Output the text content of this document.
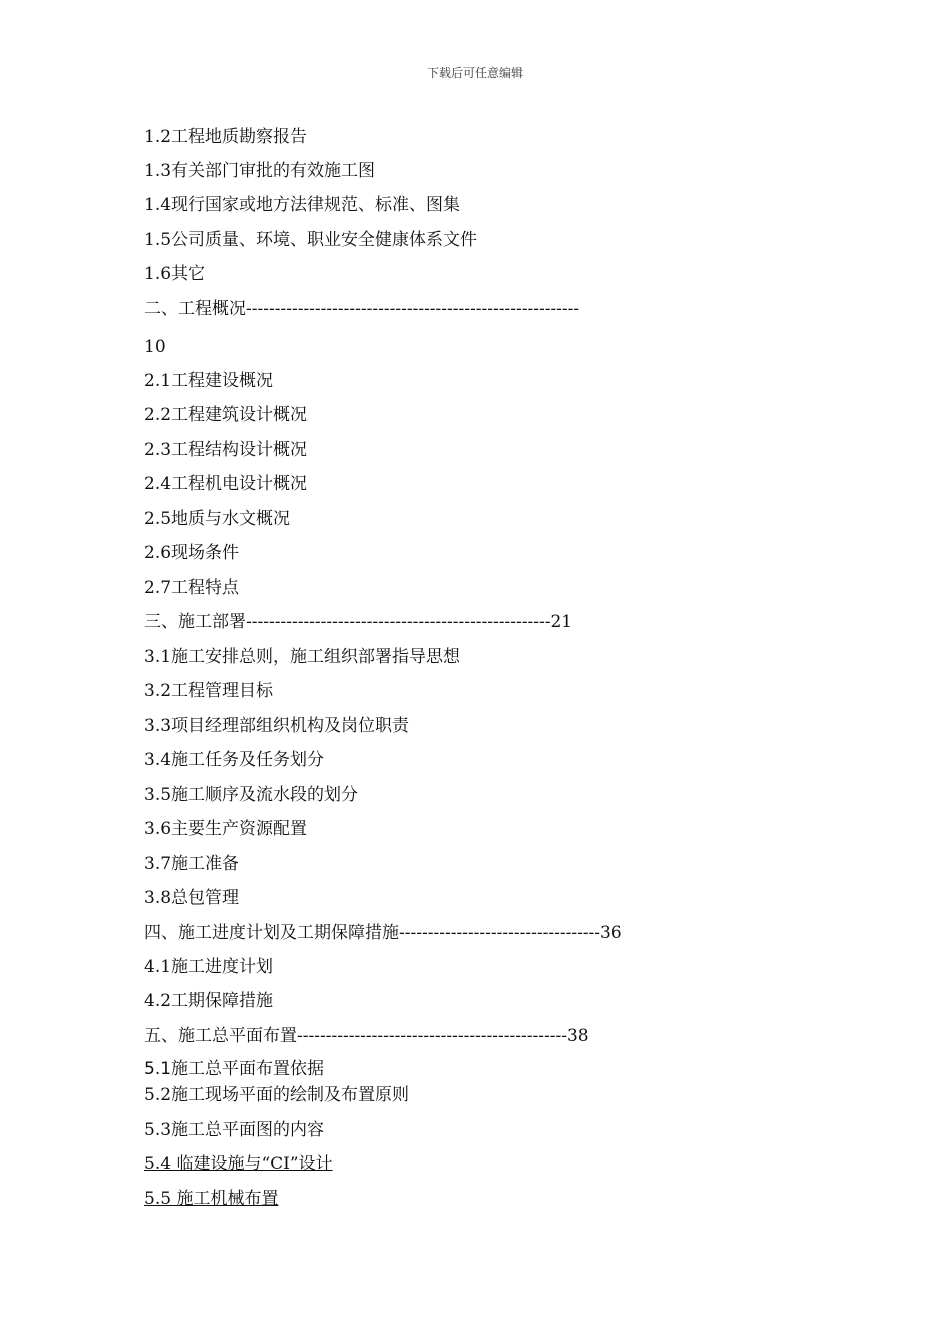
下载后可任意编辑
1.2工程地质勘察报告
1.3有关部门审批的有效施工图
1.4现行国家或地方法律规范、标准、图集
1.5公司质量、环境、职业安全健康体系文件
1.6其它
二、工程概况----------------------------------------------------------
10
2.1工程建设概况
2.2工程建筑设计概况
2.3工程结构设计概况
2.4工程机电设计概况
2.5地质与水文概况
2.6现场条件
2.7工程特点
三、施工部署-----------------------------------------------------21
3.1施工安排总则，施工组织部署指导思想
3.2工程管理目标
3.3项目经理部组织机构及岗位职责
3.4施工任务及任务划分
3.5施工顺序及流水段的划分
3.6主要生产资源配置
3.7施工准备
3.8总包管理
四、施工进度计划及工期保障措施-----------------------------------36
4.1施工进度计划
4.2工期保障措施
五、施工总平面布置-----------------------------------------------38
5.1施工总平面布置依据
5.2施工现场平面的绘制及布置原则
5.3施工总平面图的内容
5.4 临建设施与“CI”设计
5.5 施工机械布置
